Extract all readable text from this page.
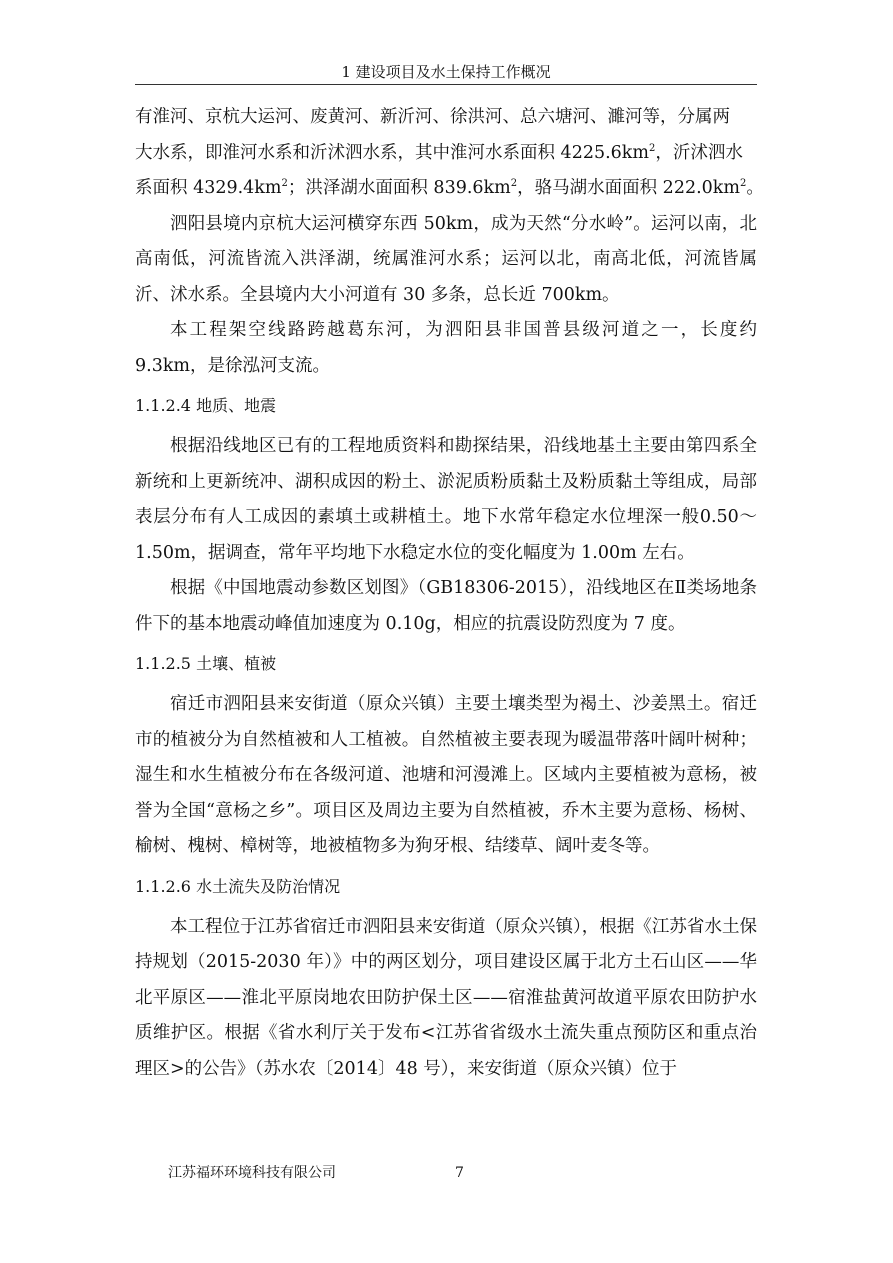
1 建设项目及水土保持工作概况

有淮河、京杭大运河、废黄河、新沂河、徐洪河、总六塘河、濉河等，分属两
大水系，即淮河水系和沂沭泗水系，其中淮河水系面积 $4225.6km^2$，沂沭泗水
系面积 $4329.4km^2$；洪泽湖水面面积 $839.6km^2$，骆马湖水面面积 $222.0km^2$。

泗阳县境内京杭大运河横穿东西 50km，成为天然“分水岭”。运河以南，北高南低，河流皆流入洪泽湖，统属淮河水系；运河以北，南高北低，河流皆属沂、沭水系。全县境内大小河道有 30 多条，总长近 700km。

本工程架空线路跨越葛东河，为泗阳县非国普县级河道之一，长度约9.3km，是徐泓河支流。

1.1.2.4 地质、地震

根据沿线地区已有的工程地质资料和勘探结果，沿线地基土主要由第四系全新统和上更新统冲、湖积成因的粉土、淤泥质粉质黏土及粉质黏土等组成，局部表层分布有人工成因的素填土或耕植土。地下水常年稳定水位埋深一般0.50～1.50m，据调查，常年平均地下水稳定水位的变化幅度为 1.00m 左右。

根据《中国地震动参数区划图》（GB18306-2015），沿线地区在Ⅱ类场地条件下的基本地震动峰值加速度为 0.10g，相应的抗震设防烈度为 7 度。

1.1.2.5 土壤、植被

宿迁市泗阳县来安街道（原众兴镇）主要土壤类型为褐土、沙姜黑土。宿迁市的植被分为自然植被和人工植被。自然植被主要表现为暖温带落叶阔叶树种；湿生和水生植被分布在各级河道、池塘和河漫滩上。区域内主要植被为意杨，被誉为全国“意杨之乡”。项目区及周边主要为自然植被，乔木主要为意杨、杨树、榆树、槐树、樟树等，地被植物多为狗牙根、结缕草、阔叶麦冬等。

1.1.2.6 水土流失及防治情况

本工程位于江苏省宿迁市泗阳县来安街道（原众兴镇），根据《江苏省水土保持规划（2015-2030 年）》中的两区划分，项目建设区属于北方土石山区——华北平原区——淮北平原岗地农田防护保土区——宿淮盐黄河故道平原农田防护水质维护区。根据《省水利厅关于发布<江苏省省级水土流失重点预防区和重点治理区>的公告》（苏水农〔2014〕48 号），来安街道（原众兴镇）位于

江苏福环环境科技有限公司	7
